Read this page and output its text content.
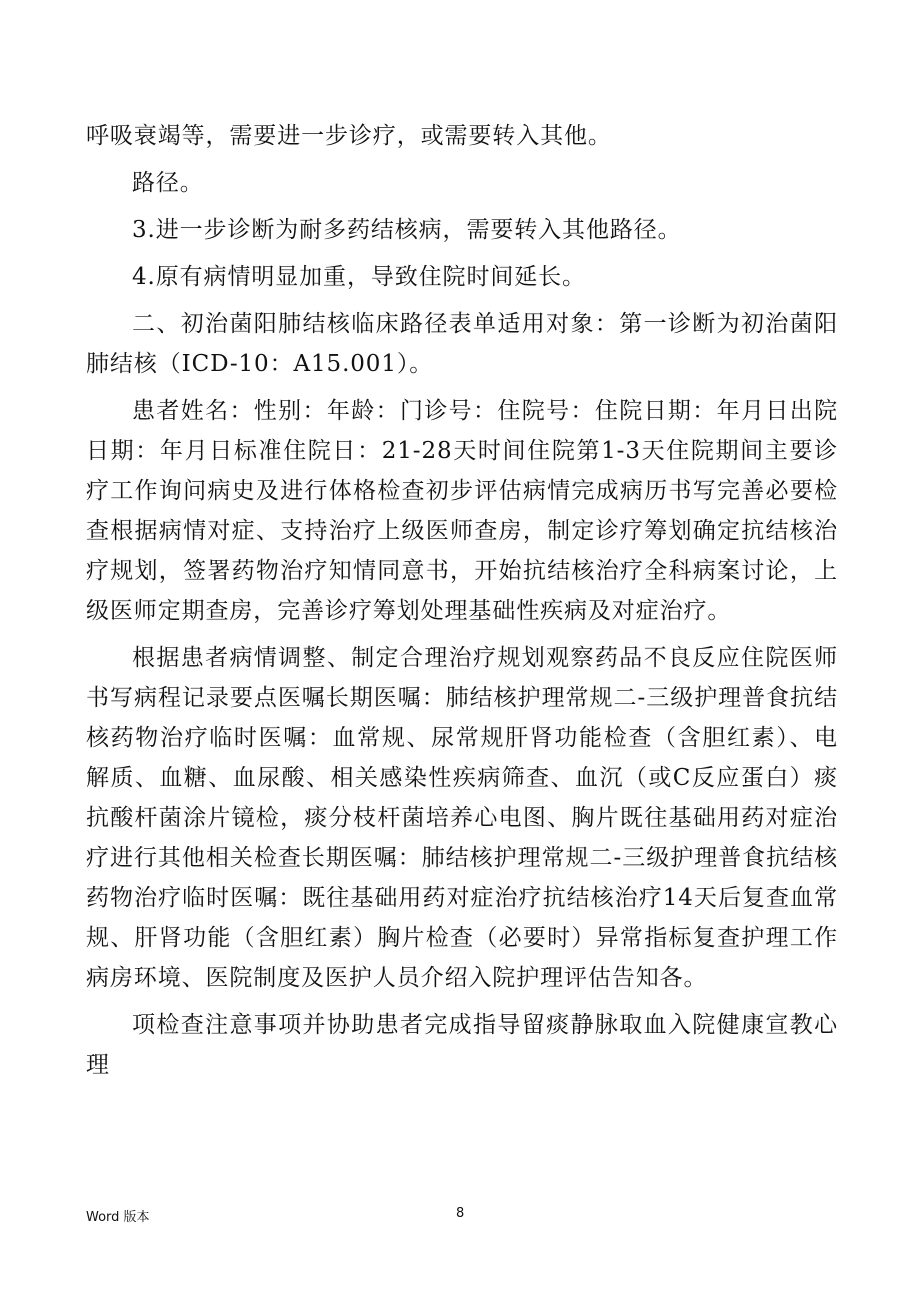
呼吸衰竭等，需要进一步诊疗，或需要转入其他。

路径。

3.进一步诊断为耐多药结核病，需要转入其他路径。

4.原有病情明显加重，导致住院时间延长。

二、初治菌阳肺结核临床路径表单适用对象：第一诊断为初治菌阳肺结核（ICD-10：A15.001）。

患者姓名：性别：年龄：门诊号：住院号：住院日期：年月日出院日期：年月日标准住院日：21-28天时间住院第1-3天住院期间主要诊疗工作询问病史及进行体格检查初步评估病情完成病历书写完善必要检查根据病情对症、支持治疗上级医师查房，制定诊疗筹划确定抗结核治疗规划，签署药物治疗知情同意书，开始抗结核治疗全科病案讨论，上级医师定期查房，完善诊疗筹划处理基础性疾病及对症治疗。

根据患者病情调整、制定合理治疗规划观察药品不良反应住院医师书写病程记录要点医嘱长期医嘱：肺结核护理常规二-三级护理普食抗结核药物治疗临时医嘱：血常规、尿常规肝肾功能检查（含胆红素）、电解质、血糖、血尿酸、相关感染性疾病筛查、血沉（或C反应蛋白）痰抗酸杆菌涂片镜检，痰分枝杆菌培养心电图、胸片既往基础用药对症治疗进行其他相关检查长期医嘱：肺结核护理常规二-三级护理普食抗结核药物治疗临时医嘱：既往基础用药对症治疗抗结核治疗14天后复查血常规、肝肾功能（含胆红素）胸片检查（必要时）异常指标复查护理工作病房环境、医院制度及医护人员介绍入院护理评估告知各。

项检查注意事项并协助患者完成指导留痰静脉取血入院健康宣教心理

Word 版本	8
